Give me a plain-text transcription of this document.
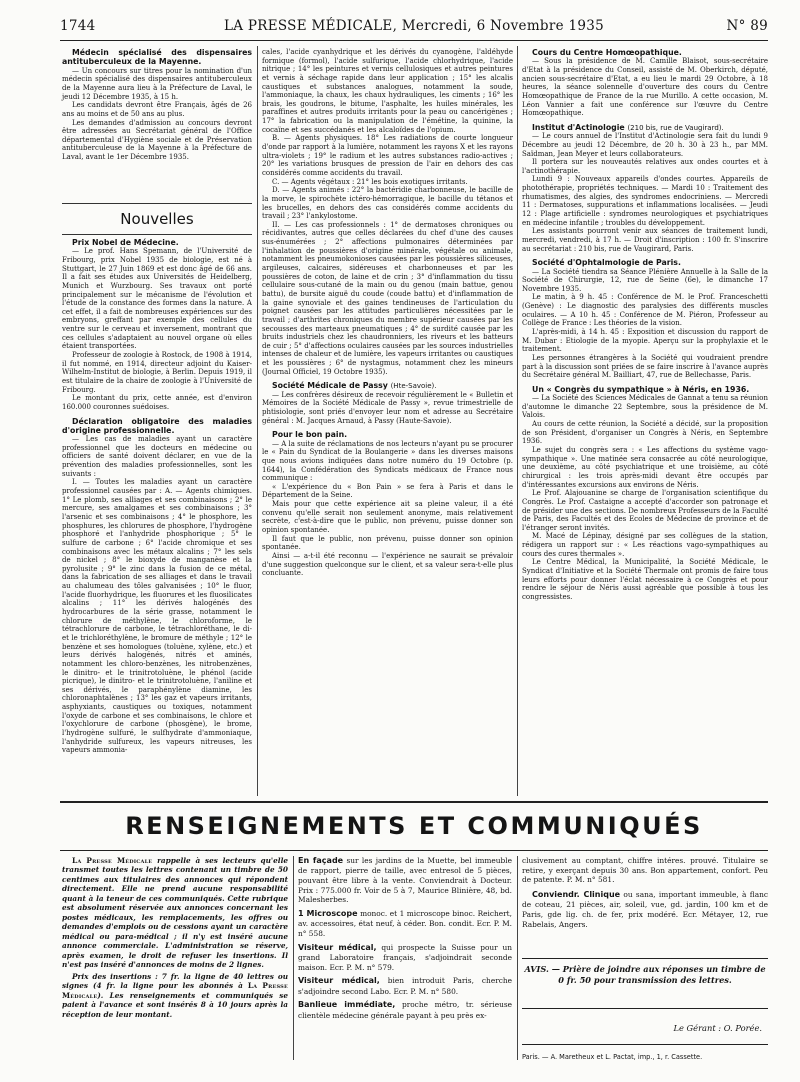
1744	LA PRESSE MÉDICALE, Mercredi, 6 Novembre 1935	N° 89

Médecin spécialisé des dispensaires antituberculeux de la Mayenne.

— Un concours sur titres pour la nomination d'un médecin spécialisé des dispensaires antituberculeux de la Mayenne aura lieu à la Préfecture de Laval, le jeudi 12 Décembre 1935, à 15 h.

Les candidats devront être Français, âgés de 26 ans au moins et de 50 ans au plus.

Les demandes d'admission au concours devront être adressées au Secrétariat général de l'Office départemental d'Hygiène sociale et de Préservation antituberculeuse de la Mayenne à la Préfecture de Laval, avant le 1er Décembre 1935.

Nouvelles

Prix Nobel de Médecine.

— Le prof. Hans Spemann, de l'Université de Fribourg, prix Nobel 1935 de biologie, est né à Stuttgart, le 27 Juin 1869 et est donc âgé de 66 ans. Il a fait ses études aux Universités de Heidelberg, Munich et Wurzbourg. Ses travaux ont porté principalement sur le mécanisme de l'évolution et l'étude de la constance des formes dans la nature. A cet effet, il a fait de nombreuses expériences sur des embryons, greffant par exemple des cellules du ventre sur le cerveau et inversement, montrant que ces cellules s'adaptaient au nouvel organe où elles étaient transportées.

Professeur de zoologie à Rostock, de 1908 à 1914, il fut nommé, en 1914, directeur adjoint du Kaiser-Wilhelm-Institut de biologie, à Berlin. Depuis 1919, il est titulaire de la chaire de zoologie à l'Université de Fribourg.

Le montant du prix, cette année, est d'environ 160.000 couronnes suédoises.

Déclaration obligatoire des maladies d'origine professionnelle.

— Les cas de maladies ayant un caractère professionnel que les docteurs en médecine ou officiers de santé doivent déclarer, en vue de la prévention des maladies professionnelles, sont les suivants :

I. — Toutes les maladies ayant un caractère professionnel causées par : A. — Agents chimiques. 1° Le plomb, ses alliages et ses combinaisons ; 2° le mercure, ses amalgames et ses combinaisons ; 3° l'arsenic et ses combinaisons ; 4° le phosphore, les phosphures, les chlorures de phosphore, l'hydrogène phosphoré et l'anhydride phosphorique ; 5° le sulfure de carbone ; 6° l'acide chromique et ses combinaisons avec les métaux alcalins ; 7° les sels de nickel ; 8° le bioxyde de manganèse et la pyrolusite ; 9° le zinc dans la fusion de ce métal, dans la fabrication de ses alliages et dans le travail au chalumeau des tôles galvanisées ; 10° le fluor, l'acide fluorhydrique, les fluorures et les fluosilicates alcalins ; 11° les dérivés halogénés des hydrocarbures de la série grasse, notamment le chlorure de méthylène, le chloroforme, le tétrachlorure de carbone, le tétrachloréthane, le di- et le trichloréthylène, le bromure de méthyle ; 12° le benzène et ses homologues (toluène, xylène, etc.) et leurs dérivés halogénés, nitrés et aminés, notamment les chloro-benzènes, les nitrobenzènes, le dinitro- et le trinitrotoluène, le phénol (acide picrique), le dinitro- et le trinitrotoluène, l'aniline et ses dérivés, le paraphénylène diamine, les chloronaphtalènes ; 13° les gaz et vapeurs irritants, asphyxiants, caustiques ou toxiques, notamment l'oxyde de carbone et ses combinaisons, le chlore et l'oxychlorure de carbone (phosgène), le brome, l'hydrogène sulfuré, le sulfhydrate d'ammoniaque, l'anhydride sulfureux, les vapeurs nitreuses, les vapeurs ammonia-

cales, l'acide cyanhydrique et les dérivés du cyanogène, l'aldéhyde formique (formol), l'acide sulfurique, l'acide chlorhydrique, l'acide nitrique ; 14° les peintures et vernis cellulosiques et autres peintures et vernis à séchage rapide dans leur application ; 15° les alcalis caustiques et substances analogues, notamment la soude, l'ammoniaque, la chaux, les chaux hydrauliques, les ciments ; 16° les brais, les goudrons, le bitume, l'asphalte, les huiles minérales, les paraffines et autres produits irritants pour la peau ou cancérigènes ; 17° la fabrication ou la manipulation de l'émétine, la quinine, la cocaïne et ses succédanés et les alcaloïdes de l'opium.

B. — Agents physiques. 18° Les radiations de courte longueur d'onde par rapport à la lumière, notamment les rayons X et les rayons ultra-violets ; 19° le radium et les autres substances radio-actives ; 20° les variations brusques de pression de l'air en dehors des cas considérés comme accidents du travail.

C. — Agents végétaux : 21° les bois exotiques irritants.

D. — Agents animés : 22° la bactéridie charbonneuse, le bacille de la morve, le spirochète ictéro-hémorragique, le bacille du tétanos et les brucelles, en dehors des cas considérés comme accidents du travail ; 23° l'ankylostome.

II. — Les cas professionnels : 1° de dermatoses chroniques ou récidivantes, autres que celles déclarées du chef d'une des causes sus-énumérées ; 2° affections pulmonaires déterminées par l'inhalation de poussières d'origine minérale, végétale ou animale, notamment les pneumokonioses causées par les poussières siliceuses, argileuses, calcaires, sidéreuses et charbonneuses et par les poussières de coton, de laine et de crin ; 3° d'inflammation du tissu cellulaire sous-cutané de la main ou du genou (main battue, genou battu), de bursite aiguë du coude (coude battu) et d'inflammation de la gaine synoviale et des gaines tendineuses de l'articulation du poignet causées par les attitudes particulières nécessitées par le travail ; d'arthrites chroniques du membre supérieur causées par les secousses des marteaux pneumatiques ; 4° de surdité causée par les bruits industriels chez les chaudronniers, les riveurs et les batteurs de cuir ; 5° d'affections oculaires causées par les sources industrielles intenses de chaleur et de lumière, les vapeurs irritantes ou caustiques et les poussières ; 6° de nystagmus, notamment chez les mineurs (Journal Officiel, 19 Octobre 1935).

Société Médicale de Passy (Hte-Savoie).

— Les confrères désireux de recevoir régulièrement le « Bulletin et Mémoires de la Société Médicale de Passy », revue trimestrielle de phtisiologie, sont priés d'envoyer leur nom et adresse au Secrétaire général : M. Jacques Arnaud, à Passy (Haute-Savoie).

Pour le bon pain.

— A la suite de réclamations de nos lecteurs n'ayant pu se procurer le « Pain du Syndicat de la Boulangerie » dans les diverses maisons que nous avions indiquées dans notre numéro du 19 Octobre (p. 1644), la Confédération des Syndicats médicaux de France nous communique :

« L'expérience du « Bon Pain » se fera à Paris et dans le Département de la Seine.

Mais pour que cette expérience ait sa pleine valeur, il a été convenu qu'elle serait non seulement anonyme, mais relativement secrète, c'est-à-dire que le public, non prévenu, puisse donner son opinion spontanée.

Il faut que le public, non prévenu, puisse donner son opinion spontanée.

Ainsi — a-t-il été reconnu — l'expérience ne saurait se prévaloir d'une suggestion quelconque sur le client, et sa valeur sera-t-elle plus concluante.

Cours du Centre Homœopathique.

— Sous la présidence de M. Camille Blaisot, sous-secrétaire d'Etat à la présidence du Conseil, assisté de M. Oberkirch, député, ancien sous-secrétaire d'Etat, a eu lieu le mardi 29 Octobre, à 18 heures, la séance solennelle d'ouverture des cours du Centre Homœopathique de France de la rue Murillo. A cette occasion, M. Léon Vannier a fait une conférence sur l'œuvre du Centre Homœopathique.

Institut d'Actinologie (210 bis, rue de Vaugirard).

— Le cours annuel de l'Institut d'Actinologie sera fait du lundi 9 Décembre au jeudi 12 Décembre, de 20 h. 30 à 23 h., par MM. Saïdman, Jean Meyer et leurs collaborateurs.

Il portera sur les nouveautés relatives aux ondes courtes et à l'actinothérapie.

Lundi 9 : Nouveaux appareils d'ondes courtes. Appareils de photothérapie, propriétés techniques. — Mardi 10 : Traitement des rhumatismes, des algies, des syndromes endocriniens. — Mercredi 11 : Dermatoses, suppurations et inflammations localisées. — Jeudi 12 : Plage artificielle : syndromes neurologiques et psychiatriques en médecine infantile ; troubles du développement.

Les assistants pourront venir aux séances de traitement lundi, mercredi, vendredi, à 17 h. — Droit d'inscription : 100 fr. S'inscrire au secrétariat : 210 bis, rue de Vaugirard, Paris.

Société d'Ophtalmologie de Paris.

— La Société tiendra sa Séance Plénière Annuelle à la Salle de la Société de Chirurgie, 12, rue de Seine (6e), le dimanche 17 Novembre 1935.

Le matin, à 9 h. 45 : Conférence de M. le Prof. Franceschetti (Genève) : Le diagnostic des paralysies des différents muscles oculaires. — A 10 h. 45 : Conférence de M. Piéron, Professeur au Collège de France : Les théories de la vision.

L'après-midi, à 14 h. 45 : Exposition et discussion du rapport de M. Dubar : Etiologie de la myopie. Aperçu sur la prophylaxie et le traitement.

Les personnes étrangères à la Société qui voudraient prendre part à la discussion sont priées de se faire inscrire à l'avance auprès du Secrétaire général M. Bailliart, 47, rue de Bellechasse, Paris.

Un « Congrès du sympathique » à Néris, en 1936.

— La Société des Sciences Médicales de Gannat a tenu sa réunion d'automne le dimanche 22 Septembre, sous la présidence de M. Valois.

Au cours de cette réunion, la Société a décidé, sur la proposition de son Président, d'organiser un Congrès à Néris, en Septembre 1936.

Le sujet du congrès sera : « Les affections du système vago-sympathique ». Une matinée sera consacrée au côté neurologique, une deuxième, au côté psychiatrique et une troisième, au côté chirurgical : les trois après-midi devant être occupés par d'intéressantes excursions aux environs de Néris.

Le Prof. Alajouanine se charge de l'organisation scientifique du Congrès. Le Prof. Castaigne a accepté d'accorder son patronage et de présider une des sections. De nombreux Professeurs de la Faculté de Paris, des Facultés et des Ecoles de Médecine de province et de l'étranger seront invités.

M. Macé de Lépinay, désigné par ses collègues de la station, rédigera un rapport sur : « Les réactions vago-sympathiques au cours des cures thermales ».

Le Centre Médical, la Municipalité, la Société Médicale, le Syndicat d'Initiative et la Société Thermale ont promis de faire tous leurs efforts pour donner l'éclat nécessaire à ce Congrès et pour rendre le séjour de Néris aussi agréable que possible à tous les congressistes.

RENSEIGNEMENTS ET COMMUNIQUÉS

La Presse Médicale rappelle à ses lecteurs qu'elle transmet toutes les lettres contenant un timbre de 50 centimes aux titulaires des annonces qui répondent directement. Elle ne prend aucune responsabilité quant à la teneur de ces communiqués. Cette rubrique est absolument réservée aux annonces concernant les postes médicaux, les remplacements, les offres ou demandes d'emplois ou de cessions ayant un caractère médical ou para-médical ; il n'y est inséré aucune annonce commerciale. L'administration se réserve, après examen, le droit de refuser les insertions. Il n'est pas inséré d'annonces de moins de 2 lignes.

Prix des insertions : 7 fr. la ligne de 40 lettres ou signes (4 fr. la ligne pour les abonnés à La Presse Médicale). Les renseignements et communiqués se paient à l'avance et sont insérés 8 à 10 jours après la réception de leur montant.

En façade sur les jardins de la Muette, bel immeuble de rapport, pierre de taille, avec entresol de 5 pièces, pouvant être libre à la vente. Conviendrait à Docteur. Prix : 775.000 fr. Voir de 5 à 7, Maurice Blinière, 48, bd. Malesherbes.

1 Microscope monoc. et 1 microscope binoc. Reichert, av. accessoires, état neuf, à céder. Bon. condit. Ecr. P. M. n° 558.

Visiteur médical, qui prospecte la Suisse pour un grand Laboratoire français, s'adjoindrait seconde maison. Ecr. P. M. n° 579.

Visiteur médical, bien introduit Paris, cherche s'adjoindre second Labo. Ecr. P. M. n° 580.

Banlieue immédiate, proche métro, tr. sérieuse clientèle médecine générale payant à peu près ex-

clusivement au comptant, chiffre intéres. prouvé. Titulaire se retire, y exerçant depuis 30 ans. Bon appartement, confort. Peu de patente. P. M. n° 581.

Conviendr. Clinique ou sana, important immeuble, à flanc de coteau, 21 pièces, air, soleil, vue, gd. jardin, 100 km et de Paris, gde lig. ch. de fer, prix modéré. Ecr. Métayer, 12, rue Rabelais, Angers.

AVIS. — Prière de joindre aux réponses un timbre de 0 fr. 50 pour transmission des lettres.
Le Gérant : O. Porée.
Paris. — A. Maretheux et L. Pactat, imp., 1, r. Cassette.
